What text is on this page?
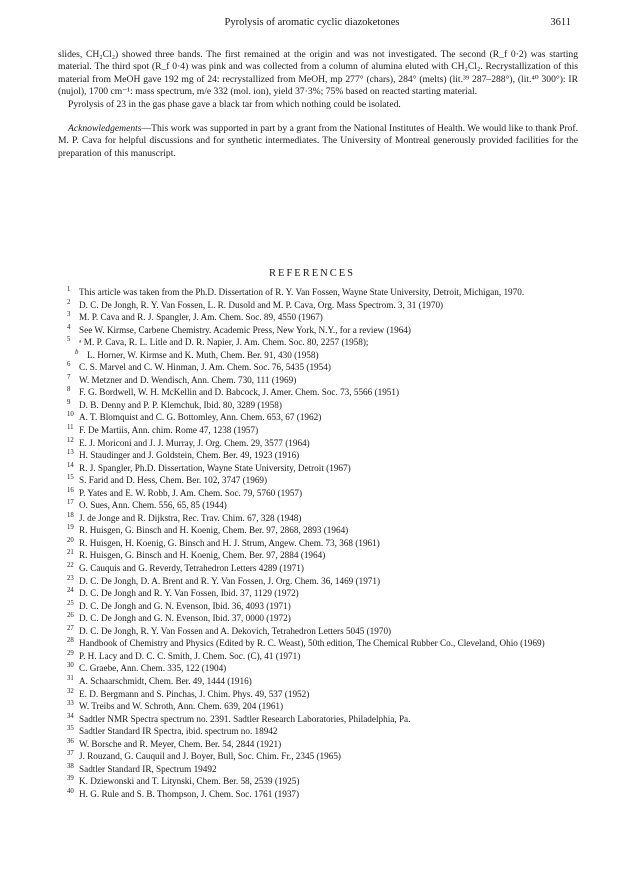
Pyrolysis of aromatic cyclic diazoketones	3611

slides, CH₂Cl₂) showed three bands. The first remained at the origin and was not investigated. The second (R_f 0·2) was starting material. The third spot (R_f 0·4) was pink and was collected from a column of alumina eluted with CH₂Cl₂. Recrystallization of this material from MeOH gave 192 mg of 24: recrystallized from MeOH, mp 277° (chars), 284° (melts) (lit.³⁹ 287–288°), (lit.⁴⁰ 300°): IR (nujol), 1700 cm⁻¹: mass spectrum, m/e 332 (mol. ion), yield 37·3%; 75% based on reacted starting material.

Pyrolysis of 23 in the gas phase gave a black tar from which nothing could be isolated.

Acknowledgements—This work was supported in part by a grant from the National Institutes of Health. We would like to thank Prof. M. P. Cava for helpful discussions and for synthetic intermediates. The University of Montreal generously provided facilities for the preparation of this manuscript.

REFERENCES
1 This article was taken from the Ph.D. Dissertation of R. Y. Van Fossen, Wayne State University, Detroit, Michigan, 1970.
2 D. C. De Jongh, R. Y. Van Fossen, L. R. Dusold and M. P. Cava, Org. Mass Spectrom. 3, 31 (1970)
3 M. P. Cava and R. J. Spangler, J. Am. Chem. Soc. 89, 4550 (1967)
4 See W. Kirmse, Carbene Chemistry. Academic Press, New York, N.Y., for a review (1964)
5 ᵃ M. P. Cava, R. L. Litle and D. R. Napier, J. Am. Chem. Soc. 80, 2257 (1958);
b L. Horner, W. Kirmse and K. Muth, Chem. Ber. 91, 430 (1958)
6 C. S. Marvel and C. W. Hinman, J. Am. Chem. Soc. 76, 5435 (1954)
7 W. Metzner and D. Wendisch, Ann. Chem. 730, 111 (1969)
8 F. G. Bordwell, W. H. McKellin and D. Babcock, J. Amer. Chem. Soc. 73, 5566 (1951)
9 D. B. Denny and P. P. Klemchuk, Ibid. 80, 3289 (1958)
10 A. T. Blomquist and C. G. Bottomley, Ann. Chem. 653, 67 (1962)
11 F. De Martiis, Ann. chim. Rome 47, 1238 (1957)
12 E. J. Moriconi and J. J. Murray, J. Org. Chem. 29, 3577 (1964)
13 H. Staudinger and J. Goldstein, Chem. Ber. 49, 1923 (1916)
14 R. J. Spangler, Ph.D. Dissertation, Wayne State University, Detroit (1967)
15 S. Farid and D. Hess, Chem. Ber. 102, 3747 (1969)
16 P. Yates and E. W. Robb, J. Am. Chem. Soc. 79, 5760 (1957)
17 O. Sues, Ann. Chem. 556, 65, 85 (1944)
18 J. de Jonge and R. Dijkstra, Rec. Trav. Chim. 67, 328 (1948)
19 R. Huisgen, G. Binsch and H. Koenig, Chem. Ber. 97, 2868, 2893 (1964)
20 R. Huisgen, H. Koenig, G. Binsch and H. J. Strum, Angew. Chem. 73, 368 (1961)
21 R. Huisgen, G. Binsch and H. Koenig, Chem. Ber. 97, 2884 (1964)
22 G. Cauquis and G. Reverdy, Tetrahedron Letters 4289 (1971)
23 D. C. De Jongh, D. A. Brent and R. Y. Van Fossen, J. Org. Chem. 36, 1469 (1971)
24 D. C. De Jongh and R. Y. Van Fossen, Ibid. 37, 1129 (1972)
25 D. C. De Jongh and G. N. Evenson, Ibid. 36, 4093 (1971)
26 D. C. De Jongh and G. N. Evenson, Ibid. 37, 0000 (1972)
27 D. C. De Jongh, R. Y. Van Fossen and A. Dekovich, Tetrahedron Letters 5045 (1970)
28 Handbook of Chemistry and Physics (Edited by R. C. Weast), 50th edition, The Chemical Rubber Co., Cleveland, Ohio (1969)
29 P. H. Lacy and D. C. C. Smith, J. Chem. Soc. (C), 41 (1971)
30 C. Graebe, Ann. Chem. 335, 122 (1904)
31 A. Schaarschmidt, Chem. Ber. 49, 1444 (1916)
32 E. D. Bergmann and S. Pinchas, J. Chim. Phys. 49, 537 (1952)
33 W. Treibs and W. Schroth, Ann. Chem. 639, 204 (1961)
34 Sadtler NMR Spectra spectrum no. 2391. Sadtler Research Laboratories, Philadelphia, Pa.
35 Sadtler Standard IR Spectra, ibid. spectrum no. 18942
36 W. Borsche and R. Meyer, Chem. Ber. 54, 2844 (1921)
37 J. Rouzand, G. Cauquil and J. Boyer, Bull, Soc. Chim. Fr., 2345 (1965)
38 Sadtler Standard IR, Spectrum 19492
39 K. Dziewonski and T. Litynski, Chem. Ber. 58, 2539 (1925)
40 H. G. Rule and S. B. Thompson, J. Chem. Soc. 1761 (1937)
